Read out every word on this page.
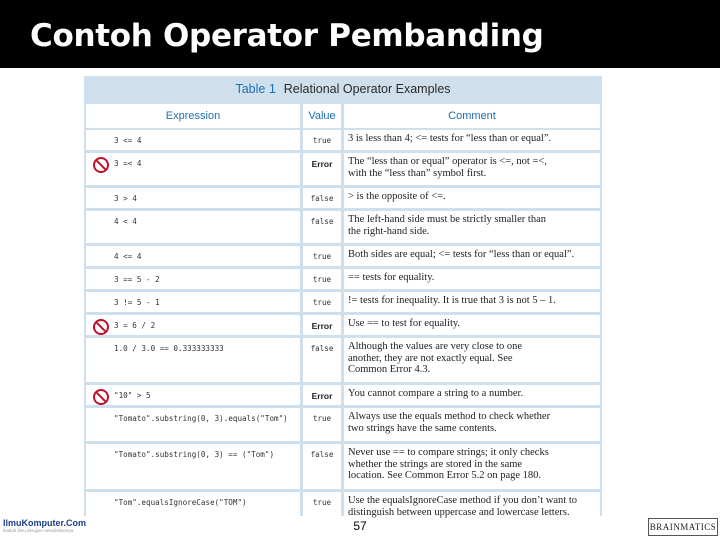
Contoh Operator Pembanding
Table 1 Relational Operator Examples
Expression	Value	Comment
3 <= 4	true	3 is less than 4; <= tests for “less than or equal”.
3 =< 4	Error	The “less than or equal” operator is <=, not =<,
with the “less than” symbol first.
3 > 4	false	> is the opposite of <=.
4 < 4	false	The left-hand side must be strictly smaller than
the right-hand side.
4 <= 4	true	Both sides are equal; <= tests for “less than or equal”.
3 == 5 - 2	true	== tests for equality.
3 != 5 - 1	true	!= tests for inequality. It is true that 3 is not 5 – 1.
3 = 6 / 2	Error	Use == to test for equality.
1.0 / 3.0 == 0.333333333	false	Although the values are very close to one
another, they are not exactly equal. See
Common Error 4.3.
"10" > 5	Error	You cannot compare a string to a number.
"Tomato".substring(0, 3).equals("Tom")	true	Always use the equals method to check whether
two strings have the same contents.
"Tomato".substring(0, 3) == ("Tom")	false	Never use == to compare strings; it only checks
whether the strings are stored in the same
location. See Common Error 5.2 on page 180.
"Tom".equalsIgnoreCase("TOM")	true	Use the equalsIgnoreCase method if you don’t want to
distinguish between uppercase and lowercase letters.
IlmuKomputer.Com
Ikatlah ilmu dengan menuliskannya	57	BRAINMATICS
